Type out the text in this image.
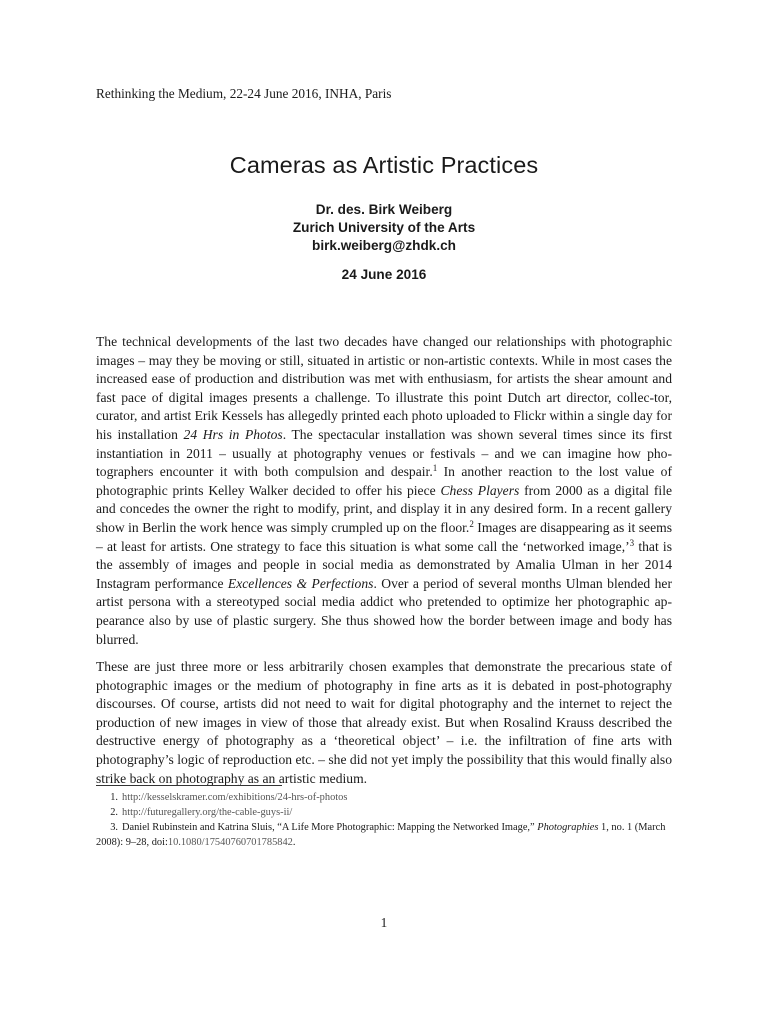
Rethinking the Medium, 22-24 June 2016, INHA, Paris
Cameras as Artistic Practices
Dr. des. Birk Weiberg
Zurich University of the Arts
birk.weiberg@zhdk.ch
24 June 2016

The technical developments of the last two decades have changed our relationships with photographic images – may they be moving or still, situated in artistic or non-artistic contexts. While in most cases the increased ease of production and distribution was met with enthusiasm, for artists the shear amount and fast pace of digital images presents a challenge. To illustrate this point Dutch art director, collec-tor, curator, and artist Erik Kessels has allegedly printed each photo uploaded to Flickr within a single day for his installation 24 Hrs in Photos. The spectacular installation was shown several times since its first instantiation in 2011 – usually at photography venues or festivals – and we can imagine how pho-tographers encounter it with both compulsion and despair.$^1$ In another reaction to the lost value of photographic prints Kelley Walker decided to offer his piece Chess Players from 2000 as a digital file and concedes the owner the right to modify, print, and display it in any desired form. In a recent gallery show in Berlin the work hence was simply crumpled up on the floor.$^2$ Images are disappearing as it seems – at least for artists. One strategy to face this situation is what some call the ‘networked image,’$^3$ that is the assembly of images and people in social media as demonstrated by Amalia Ulman in her 2014 Instagram performance Excellences & Perfections. Over a period of several months Ulman blended her artist persona with a stereotyped social media addict who pretended to optimize her photographic ap-pearance also by use of plastic surgery. She thus showed how the border between image and body has blurred.

These are just three more or less arbitrarily chosen examples that demonstrate the precarious state of photographic images or the medium of photography in fine arts as it is debated in post-photography discourses. Of course, artists did not need to wait for digital photography and the internet to reject the production of new images in view of those that already exist. But when Rosalind Krauss described the destructive energy of photography as a ‘theoretical object’ – i.e. the infiltration of fine arts with photography’s logic of reproduction etc. – she did not yet imply the possibility that this would finally also strike back on photography as an artistic medium.

1. http://kesselskramer.com/exhibitions/24-hrs-of-photos
2. http://futuregallery.org/the-cable-guys-ii/
3. Daniel Rubinstein and Katrina Sluis, “A Life More Photographic: Mapping the Networked Image,” Photographies 1, no. 1 (March 2008): 9–28, doi:10.1080/17540760701785842.
1
